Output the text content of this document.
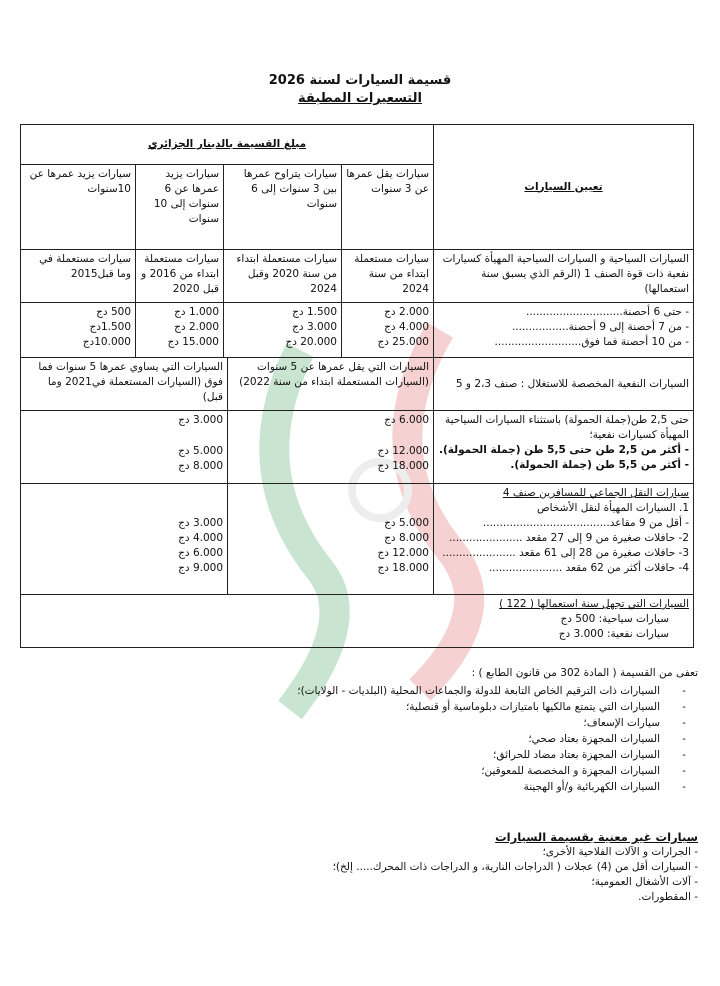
قسيمة السيارات لسنة 2026
التسعيرات المطبقة
تعيين السيارات
مبلغ القسيمة بالدينار الجزائري
سيارات يقل عمرها عن 3 سنوات
سيارات يتراوح عمرها بين 3 سنوات إلى 6 سنوات
سيارات يزيد عمرها عن 6 سنوات إلى 10 سنوات
سيارات يزيد عمرها عن 10سنوات
السيارات السياحية و السيارات السياحية المهيأة كسيارات نفعية ذات قوة الصنف 1 (الرقم الذي يسبق سنة استعمالها)
سيارات مستعملة ابتداء من سنة 2024
سيارات مستعملة ابتداء من سنة 2020 وقبل 2024
سيارات مستعملة ابتداء من 2016 و قبل 2020
سيارات مستعملة في وما قبل2015
- حتى 6 أحصنة.............................
- من 7 أحصنة إلى 9 أحصنة.................
- من 10 أحصنة فما فوق..........................
2.000 دج
4.000 دج
25.000 دج
1.500 دج
3.000 دج
20.000 دج
1.000 دج
2.000 دج
15.000 دج
500 دج
1.500دج
10.000دج
السيارات النفعية المخصصة للاستغلال : صنف 2،3 و 5
السيارات التي يقل عمرها عن 5 سنوات (السيارات المستعملة ابتداء من سنة 2022)
السيارات التي يساوي عمرها 5 سنوات فما فوق (السيارات المستعملة في2021 وما قبل)
حتى 2,5 طن(جملة الحمولة) باستثناء السيارات السياحية المهيأة كسيارات نفعية؛
- أكثر من 2,5 طن حتى 5,5 طن (جملة الحمولة).
- أكثر من 5,5 طن (جملة الحمولة).
6.000 دج
12.000 دج
18.000 دج
3.000 دج
5.000 دج
8.000 دج
سيارات النقل الجماعي للمسافرين صنف 4
1. السيارات المهيأة لنقل الأشخاص
- أقل من 9 مقاعد......................................
2- حافلات صغيرة من 9 إلى 27 مقعد ......................
3- حافلات صغيرة من 28 إلى 61 مقعد ......................
4- حافلات أكثر من 62 مقعد ......................
5.000 دج
8.000 دج
12.000 دج
18.000 دج
3.000 دج
4.000 دج
6.000 دج
9.000 دج
السيارات التي تجهل سنة استعمالها ( 122 )
سيارات سياحية: 500 دج
سيارات نفعية: 3.000 دج
تعفى من القسيمة ( المادة 302 من قانون الطابع ) :
- السيارات ذات الترقيم الخاص التابعة للدولة والجماعات المحلية (البلديات - الولايات)؛
- السيارات التي يتمتع مالكيها بامتيازات دبلوماسية أو قنصلية؛
- سيارات الإسعاف؛
- السيارات المجهزة بعتاد صحي؛
- السيارات المجهزة بعتاد مضاد للحرائق؛
- السيارات المجهزة و المخصصة للمعوقين؛
- السيارات الكهربائية و/أو الهجينة
سيارات غير معنية بقسيمة السيارات
- الجرارات و الآلات الفلاحية الأخرى؛
- السيارات أقل من (4) عجلات ( الدراجات النارية، و الدراجات ذات المحرك..... إلخ)؛
- آلات الأشغال العمومية؛
- المقطورات.
